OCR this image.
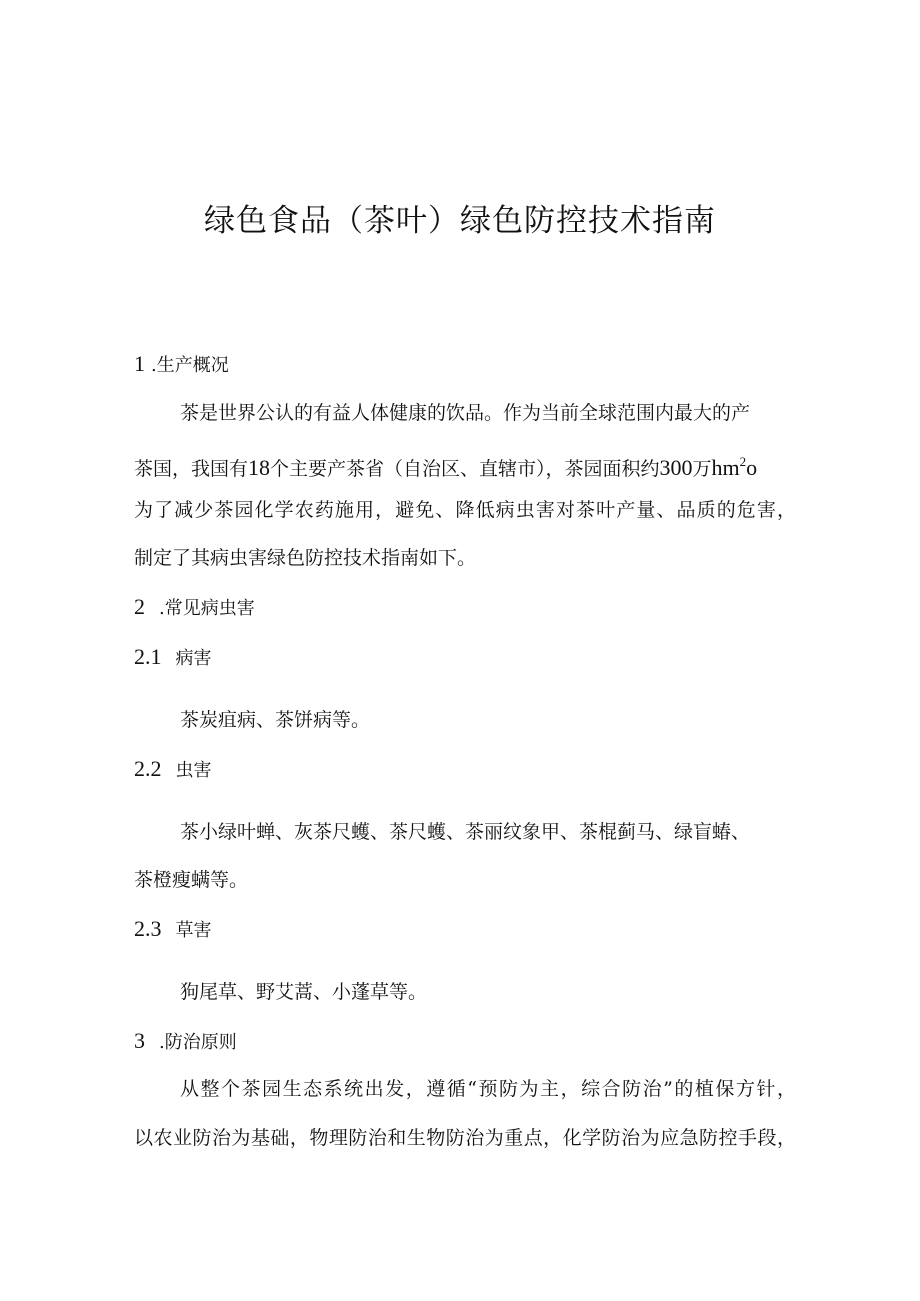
绿色食品（茶叶）绿色防控技术指南
1 .生产概况
茶是世界公认的有益人体健康的饮品。作为当前全球范围内最大的产
茶国，我国有18个主要产茶省（自治区、直辖市），茶园面积约300万$hm^2o$
为了减少茶园化学农药施用，避免、降低病虫害对茶叶产量、品质的危害，
制定了其病虫害绿色防控技术指南如下。
2 .常见病虫害
2.1 病害
茶炭疽病、茶饼病等。
2.2 虫害
茶小绿叶蝉、灰茶尺蠖、茶尺蠖、茶丽纹象甲、茶棍蓟马、绿盲蝽、
茶橙瘦螨等。
2.3 草害
狗尾草、野艾蒿、小蓬草等。
3 .防治原则
从整个茶园生态系统出发，遵循“预防为主，综合防治”的植保方针，
以农业防治为基础，物理防治和生物防治为重点，化学防治为应急防控手段，
